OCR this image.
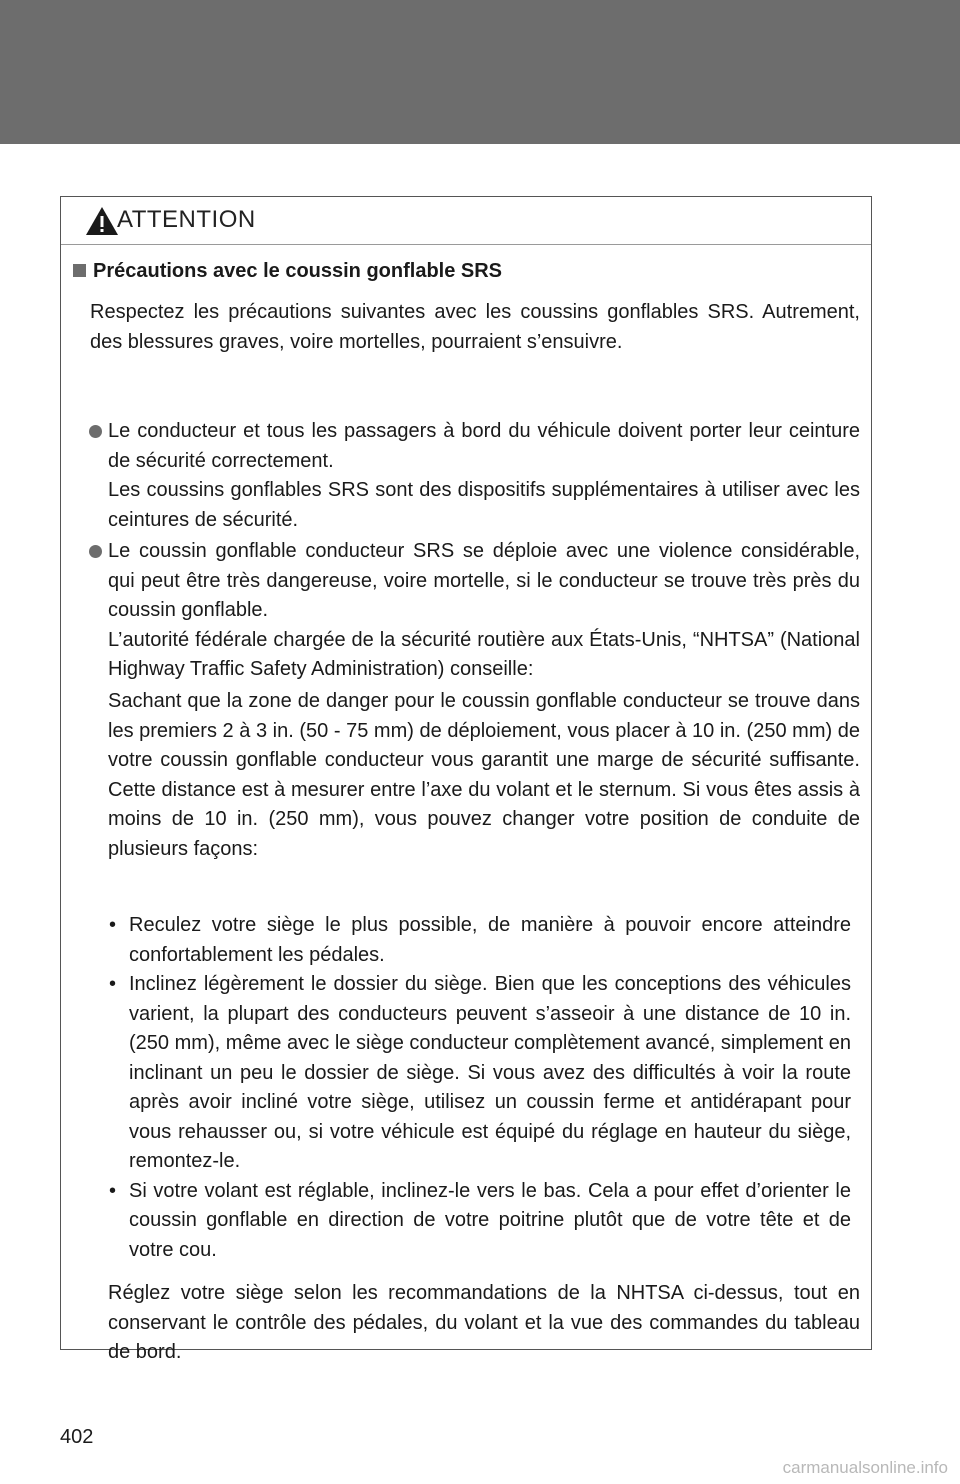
ATTENTION
Précautions avec le coussin gonflable SRS
Respectez les précautions suivantes avec les coussins gonflables SRS. Autrement, des blessures graves, voire mortelles, pourraient s’ensuivre.
Le conducteur et tous les passagers à bord du véhicule doivent porter leur ceinture de sécurité correctement.
Les coussins gonflables SRS sont des dispositifs supplémentaires à utiliser avec les ceintures de sécurité.
Le coussin gonflable conducteur SRS se déploie avec une violence considérable, qui peut être très dangereuse, voire mortelle, si le conducteur se trouve très près du coussin gonflable.
L’autorité fédérale chargée de la sécurité routière aux États-Unis, “NHTSA” (National Highway Traffic Safety Administration) conseille:
Sachant que la zone de danger pour le coussin gonflable conducteur se trouve dans les premiers 2 à 3 in. (50 - 75 mm) de déploiement, vous placer à 10 in. (250 mm) de votre coussin gonflable conducteur vous garantit une marge de sécurité suffisante. Cette distance est à mesurer entre l’axe du volant et le sternum. Si vous êtes assis à moins de 10 in. (250 mm), vous pouvez changer votre position de conduite de plusieurs façons:
• Reculez votre siège le plus possible, de manière à pouvoir encore atteindre confortablement les pédales.
• Inclinez légèrement le dossier du siège. Bien que les conceptions des véhicules varient, la plupart des conducteurs peuvent s’asseoir à une distance de 10 in. (250 mm), même avec le siège conducteur complètement avancé, simplement en inclinant un peu le dossier de siège. Si vous avez des difficultés à voir la route après avoir incliné votre siège, utilisez un coussin ferme et antidérapant pour vous rehausser ou, si votre véhicule est équipé du réglage en hauteur du siège, remontez-le.
• Si votre volant est réglable, inclinez-le vers le bas. Cela a pour effet d’orienter le coussin gonflable en direction de votre poitrine plutôt que de votre tête et de votre cou.
Réglez votre siège selon les recommandations de la NHTSA ci-dessus, tout en conservant le contrôle des pédales, du volant et la vue des commandes du tableau de bord.
402
carmanualsonline.info
